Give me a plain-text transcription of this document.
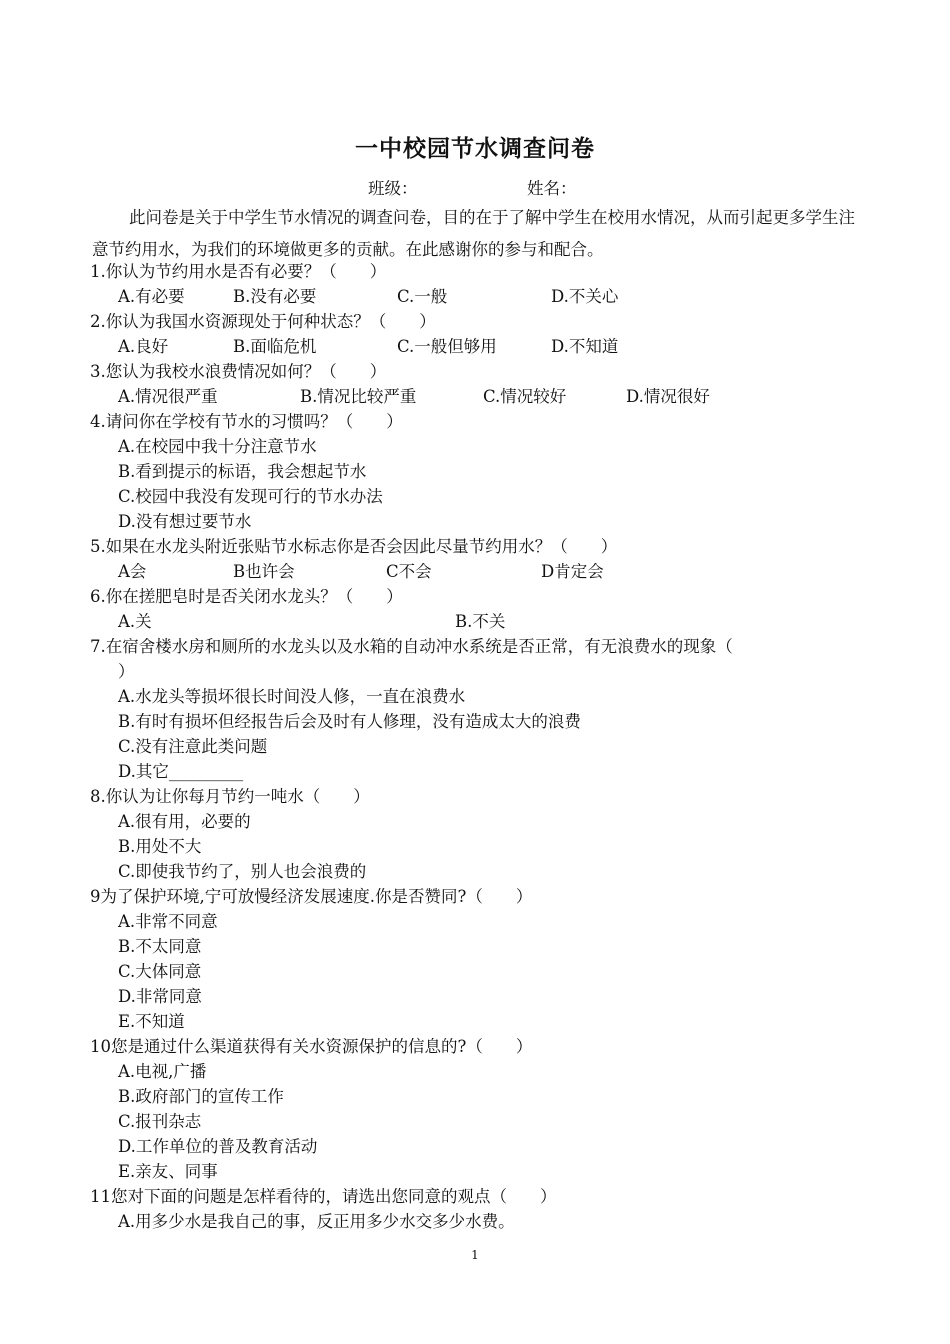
一中校园节水调查问卷
班级：	姓名：
此问卷是关于中学生节水情况的调查问卷，目的在于了解中学生在校用水情况，从而引起更多学生注意节约用水，为我们的环境做更多的贡献。在此感谢你的参与和配合。
1.你认为节约用水是否有必要？（　　）
A.有必要	B.没有必要	C.一般	D.不关心
2.你认为我国水资源现处于何种状态？（　　）
A.良好	B.面临危机	C.一般但够用	D.不知道
3.您认为我校水浪费情况如何？（　　）
A.情况很严重	B.情况比较严重	C.情况较好	D.情况很好
4.请问你在学校有节水的习惯吗？（　　）
A.在校园中我十分注意节水
B.看到提示的标语，我会想起节水
C.校园中我没有发现可行的节水办法
D.没有想过要节水
5.如果在水龙头附近张贴节水标志你是否会因此尽量节约用水？（　　）
A会	B也许会	C不会	D肯定会
6.你在搓肥皂时是否关闭水龙头？（　　）
A.关	B.不关
7.在宿舍楼水房和厕所的水龙头以及水箱的自动冲水系统是否正常，有无浪费水的现象（
）
A.水龙头等损坏很长时间没人修，一直在浪费水
B.有时有损坏但经报告后会及时有人修理，没有造成太大的浪费
C.没有注意此类问题
D.其它_________
8.你认为让你每月节约一吨水（　　）
A.很有用，必要的
B.用处不大
C.即使我节约了，别人也会浪费的
9为了保护环境,宁可放慢经济发展速度.你是否赞同?（　　）
A.非常不同意
B.不太同意
C.大体同意
D.非常同意
E.不知道
10您是通过什么渠道获得有关水资源保护的信息的?（　　）
A.电视,广播
B.政府部门的宣传工作
C.报刊杂志
D.工作单位的普及教育活动
E.亲友、同事
11您对下面的问题是怎样看待的，请选出您同意的观点（　　）
A.用多少水是我自己的事，反正用多少水交多少水费。
1
